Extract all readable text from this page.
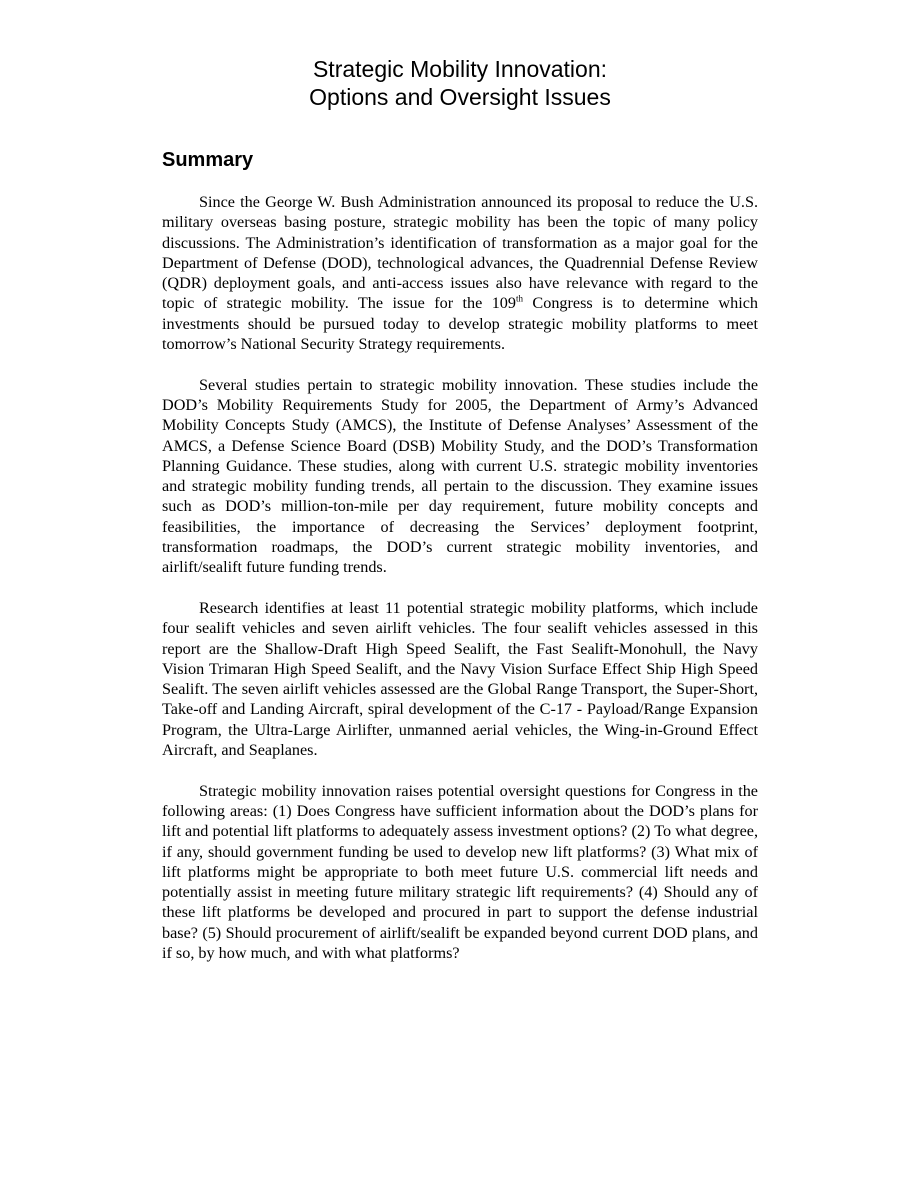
Strategic Mobility Innovation:
Options and Oversight Issues
Summary

Since the George W. Bush Administration announced its proposal to reduce the U.S. military overseas basing posture, strategic mobility has been the topic of many policy discussions. The Administration’s identification of transformation as a major goal for the Department of Defense (DOD), technological advances, the Quadrennial Defense Review (QDR) deployment goals, and anti-access issues also have relevance with regard to the topic of strategic mobility. The issue for the 109th Congress is to determine which investments should be pursued today to develop strategic mobility platforms to meet tomorrow’s National Security Strategy requirements.

Several studies pertain to strategic mobility innovation. These studies include the DOD’s Mobility Requirements Study for 2005, the Department of Army’s Advanced Mobility Concepts Study (AMCS), the Institute of Defense Analyses’ Assessment of the AMCS, a Defense Science Board (DSB) Mobility Study, and the DOD’s Transformation Planning Guidance. These studies, along with current U.S. strategic mobility inventories and strategic mobility funding trends, all pertain to the discussion. They examine issues such as DOD’s million-ton-mile per day requirement, future mobility concepts and feasibilities, the importance of decreasing the Services’ deployment footprint, transformation roadmaps, the DOD’s current strategic mobility inventories, and airlift/sealift future funding trends.

Research identifies at least 11 potential strategic mobility platforms, which include four sealift vehicles and seven airlift vehicles. The four sealift vehicles assessed in this report are the Shallow-Draft High Speed Sealift, the Fast Sealift-Monohull, the Navy Vision Trimaran High Speed Sealift, and the Navy Vision Surface Effect Ship High Speed Sealift. The seven airlift vehicles assessed are the Global Range Transport, the Super-Short, Take-off and Landing Aircraft, spiral development of the C-17 - Payload/Range Expansion Program, the Ultra-Large Airlifter, unmanned aerial vehicles, the Wing-in-Ground Effect Aircraft, and Seaplanes.

Strategic mobility innovation raises potential oversight questions for Congress in the following areas: (1) Does Congress have sufficient information about the DOD’s plans for lift and potential lift platforms to adequately assess investment options? (2) To what degree, if any, should government funding be used to develop new lift platforms? (3) What mix of lift platforms might be appropriate to both meet future U.S. commercial lift needs and potentially assist in meeting future military strategic lift requirements? (4) Should any of these lift platforms be developed and procured in part to support the defense industrial base? (5) Should procurement of airlift/sealift be expanded beyond current DOD plans, and if so, by how much, and with what platforms?
